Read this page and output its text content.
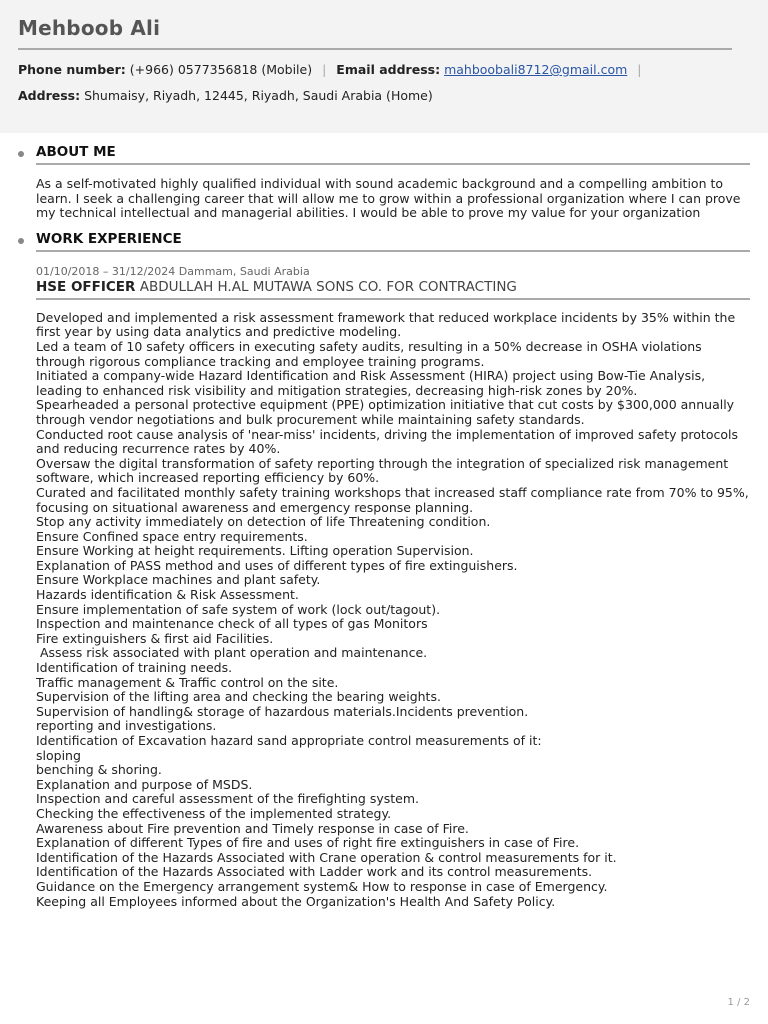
Mehboob Ali
Phone number: (+966) 0577356818 (Mobile) | Email address: mahboobali8712@gmail.com |
Address: Shumaisy, Riyadh, 12445, Riyadh, Saudi Arabia (Home)
ABOUT ME
As a self-motivated highly qualified individual with sound academic background and a compelling ambition to learn. I seek a challenging career that will allow me to grow within a professional organization where I can prove my technical intellectual and managerial abilities. I would be able to prove my value for your organization
WORK EXPERIENCE
01/10/2018 – 31/12/2024 Dammam, Saudi Arabia
HSE OFFICER ABDULLAH H.AL MUTAWA SONS CO. FOR CONTRACTING
Developed and implemented a risk assessment framework that reduced workplace incidents by 35% within the first year by using data analytics and predictive modeling.
Led a team of 10 safety officers in executing safety audits, resulting in a 50% decrease in OSHA violations through rigorous compliance tracking and employee training programs.
Initiated a company-wide Hazard Identification and Risk Assessment (HIRA) project using Bow-Tie Analysis, leading to enhanced risk visibility and mitigation strategies, decreasing high-risk zones by 20%.
Spearheaded a personal protective equipment (PPE) optimization initiative that cut costs by $300,000 annually through vendor negotiations and bulk procurement while maintaining safety standards.
Conducted root cause analysis of 'near-miss' incidents, driving the implementation of improved safety protocols and reducing recurrence rates by 40%.
Oversaw the digital transformation of safety reporting through the integration of specialized risk management software, which increased reporting efficiency by 60%.
Curated and facilitated monthly safety training workshops that increased staff compliance rate from 70% to 95%, focusing on situational awareness and emergency response planning.
Stop any activity immediately on detection of life Threatening condition.
Ensure Confined space entry requirements.
Ensure Working at height requirements. Lifting operation Supervision.
Explanation of PASS method and uses of different types of fire extinguishers.
Ensure Workplace machines and plant safety.
Hazards identification & Risk Assessment.
Ensure implementation of safe system of work (lock out/tagout).
Inspection and maintenance check of all types of gas Monitors
Fire extinguishers & first aid Facilities.
Assess risk associated with plant operation and maintenance.
Identification of training needs.
Traffic management & Traffic control on the site.
Supervision of the lifting area and checking the bearing weights.
Supervision of handling& storage of hazardous materials.Incidents prevention.
reporting and investigations.
Identification of Excavation hazard sand appropriate control measurements of it:
sloping
benching & shoring.
Explanation and purpose of MSDS.
Inspection and careful assessment of the firefighting system.
Checking the effectiveness of the implemented strategy.
Awareness about Fire prevention and Timely response in case of Fire.
Explanation of different Types of fire and uses of right fire extinguishers in case of Fire.
Identification of the Hazards Associated with Crane operation & control measurements for it.
Identification of the Hazards Associated with Ladder work and its control measurements.
Guidance on the Emergency arrangement system& How to response in case of Emergency.
Keeping all Employees informed about the Organization's Health And Safety Policy.
1 / 2
